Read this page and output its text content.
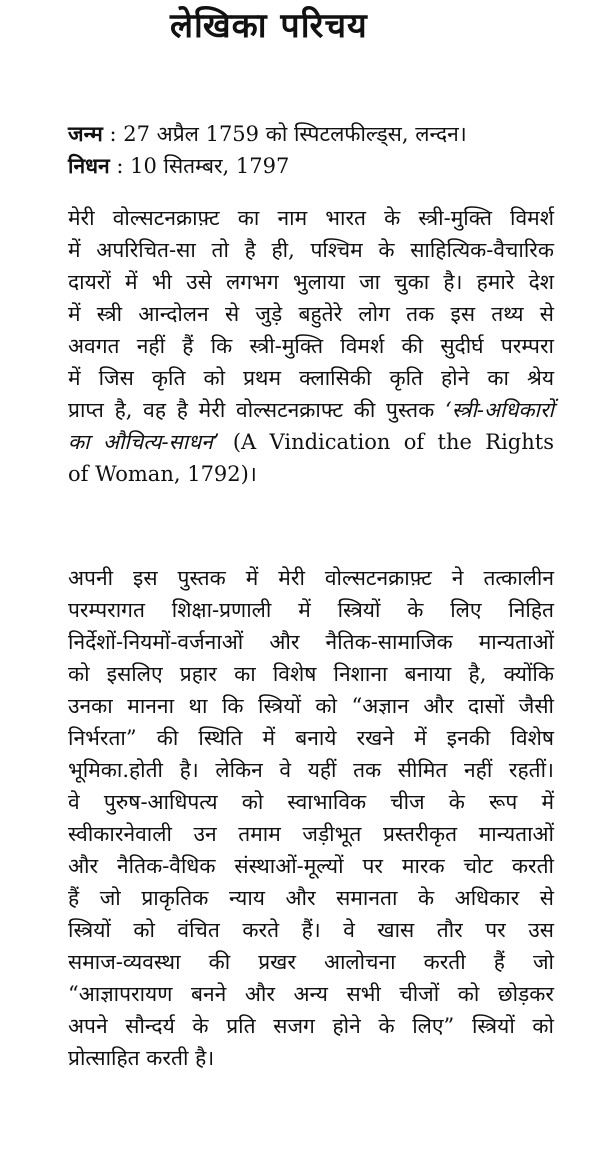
लेखिका परिचय
जन्म : 27 अप्रैल 1759 को स्पिटलफील्ड्स, लन्दन।
निधन : 10 सितम्बर, 1797
मेरी वोल्सटनक्राफ़्ट का नाम भारत के स्त्री-मुक्ति विमर्श
में अपरिचित-सा तो है ही, पश्चिम के साहित्यिक-वैचारिक
दायरों में भी उसे लगभग भुलाया जा चुका है। हमारे देश
में स्त्री आन्दोलन से जुड़े बहुतेरे लोग तक इस तथ्य से
अवगत नहीं हैं कि स्त्री-मुक्ति विमर्श की सुदीर्घ परम्परा
में जिस कृति को प्रथम क्लासिकी कृति होने का श्रेय
प्राप्त है, वह है मेरी वोल्सटनक्राफ्ट की पुस्तक ‘स्त्री-अधिकारों
का औचित्य-साधन’ (A Vindication of the Rights
of Woman, 1792)।
अपनी इस पुस्तक में मेरी वोल्सटनक्राफ़्ट ने तत्कालीन
परम्परागत शिक्षा-प्रणाली में स्त्रियों के लिए निहित
निर्देशों-नियमों-वर्जनाओं और नैतिक-सामाजिक मान्यताओं
को इसलिए प्रहार का विशेष निशाना बनाया है, क्योंकि
उनका मानना था कि स्त्रियों को “अज्ञान और दासों जैसी
निर्भरता” की स्थिति में बनाये रखने में इनकी विशेष
भूमिका.होती है। लेकिन वे यहीं तक सीमित नहीं रहतीं।
वे पुरुष-आधिपत्य को स्वाभाविक चीज के रूप में
स्वीकारनेवाली उन तमाम जड़ीभूत प्रस्तरीकृत मान्यताओं
और नैतिक-वैधिक संस्थाओं-मूल्यों पर मारक चोट करती
हैं जो प्राकृतिक न्याय और समानता के अधिकार से
स्त्रियों को वंचित करते हैं। वे खास तौर पर उस
समाज-व्यवस्था की प्रखर आलोचना करती हैं जो
“आज्ञापरायण बनने और अन्य सभी चीजों को छोड़कर
अपने सौन्दर्य के प्रति सजग होने के लिए” स्त्रियों को
प्रोत्साहित करती है।
